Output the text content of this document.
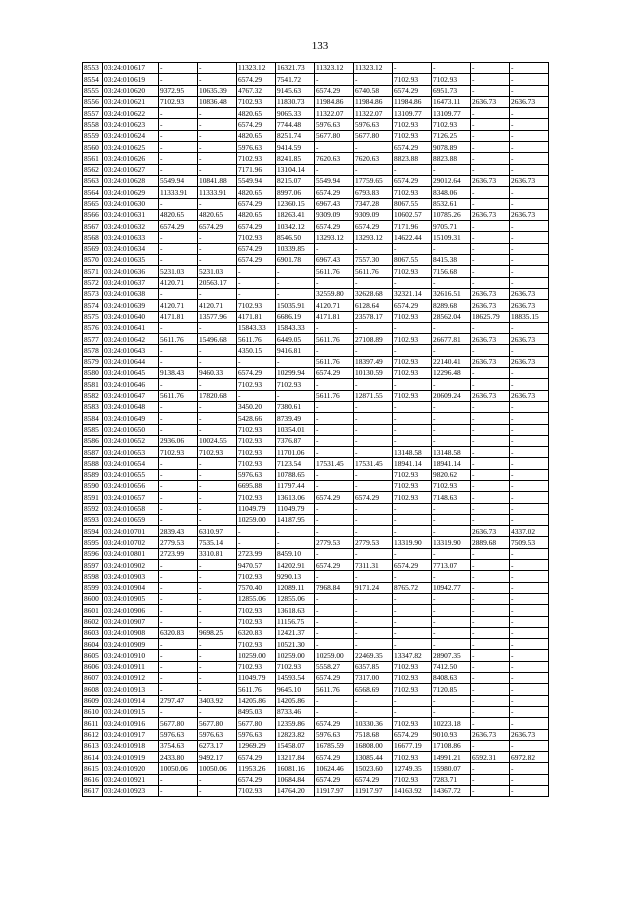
133
8553	03:24:010617	-	-	11323.12	16321.73	11323.12	11323.12	-	-	-	-
8554	03:24:010619	-	-	6574.29	7541.72	-	-	7102.93	7102.93	-	-
8555	03:24:010620	9372.95	10635.39	4767.32	9145.63	6574.29	6740.58	6574.29	6951.73	-	-
8556	03:24:010621	7102.93	10836.48	7102.93	11830.73	11984.86	11984.86	11984.86	16473.11	2636.73	2636.73
8557	03:24:010622	-	-	4820.65	9065.33	11322.07	11322.07	13109.77	13109.77	-	-
8558	03:24:010623	-	-	6574.29	7744.48	5976.63	5976.63	7102.93	7102.93	-	-
8559	03:24:010624	-	-	4820.65	8251.74	5677.80	5677.80	7102.93	7126.25	-	-
8560	03:24:010625	-	-	5976.63	9414.59	-	-	6574.29	9078.89	-	-
8561	03:24:010626	-	-	7102.93	8241.85	7620.63	7620.63	8823.88	8823.88	-	-
8562	03:24:010627	-	-	7171.96	13104.14	-	-	-	-	-	-
8563	03:24:010628	5549.94	10841.88	5549.94	8215.07	5549.94	17759.65	6574.29	29012.64	2636.73	2636.73
8564	03:24:010629	11333.91	11333.91	4820.65	8997.06	6574.29	6793.83	7102.93	8348.06	-	-
8565	03:24:010630	-	-	6574.29	12360.15	6967.43	7347.28	8067.55	8532.61	-	-
8566	03:24:010631	4820.65	4820.65	4820.65	18263.41	9309.09	9309.09	10602.57	10785.26	2636.73	2636.73
8567	03:24:010632	6574.29	6574.29	6574.29	10342.12	6574.29	6574.29	7171.96	9705.71	-	-
8568	03:24:010633	-	-	7102.93	8546.50	13293.12	13293.12	14622.44	15109.31	-	-
8569	03:24:010634	-	-	6574.29	10339.85	-	-	-	-	-	-
8570	03:24:010635	-	-	6574.29	6901.78	6967.43	7557.30	8067.55	8415.38	-	-
8571	03:24:010636	5231.03	5231.03	-	-	5611.76	5611.76	7102.93	7156.68	-	-
8572	03:24:010637	4120.71	20563.17	-	-	-	-	-	-	-	-
8573	03:24:010638	-	-	-	-	32559.80	32628.68	32321.14	32616.51	2636.73	2636.73
8574	03:24:010639	4120.71	4120.71	7102.93	15035.91	4120.71	6128.64	6574.29	8289.68	2636.73	2636.73
8575	03:24:010640	4171.81	13577.96	4171.81	6686.19	4171.81	23578.17	7102.93	28562.04	18625.79	18835.15
8576	03:24:010641	-	-	15843.33	15843.33	-	-	-	-	-	-
8577	03:24:010642	5611.76	15496.68	5611.76	6449.05	5611.76	27108.89	7102.93	26677.81	2636.73	2636.73
8578	03:24:010643	-	-	4350.15	9416.81	-	-	-	-	-	-
8579	03:24:010644	-	-	-	-	5611.76	18397.49	7102.93	22140.41	2636.73	2636.73
8580	03:24:010645	9138.43	9460.33	6574.29	10299.94	6574.29	10130.59	7102.93	12296.48	-	-
8581	03:24:010646	-	-	7102.93	7102.93	-	-	-	-	-	-
8582	03:24:010647	5611.76	17820.68	-	-	5611.76	12871.55	7102.93	20609.24	2636.73	2636.73
8583	03:24:010648	-	-	3450.20	7380.61	-	-	-	-	-	-
8584	03:24:010649	-	-	5428.66	8739.49	-	-	-	-	-	-
8585	03:24:010650	-	-	7102.93	10354.01	-	-	-	-	-	-
8586	03:24:010652	2936.06	10024.55	7102.93	7376.87	-	-	-	-	-	-
8587	03:24:010653	7102.93	7102.93	7102.93	11701.06	-	-	13148.58	13148.58	-	-
8588	03:24:010654	-	-	7102.93	7123.54	17531.45	17531.45	18941.14	18941.14	-	-
8589	03:24:010655	-	-	5976.63	10788.65	-	-	7102.93	9820.62	-	-
8590	03:24:010656	-	-	6695.88	11797.44	-	-	7102.93	7102.93	-	-
8591	03:24:010657	-	-	7102.93	13613.06	6574.29	6574.29	7102.93	7148.63	-	-
8592	03:24:010658	-	-	11049.79	11049.79	-	-	-	-	-	-
8593	03:24:010659	-	-	10259.00	14187.95	-	-	-	-	-	-
8594	03:24:010701	2839.43	6310.97	-	-	-	-	-	-	2636.73	4337.02
8595	03:24:010702	2779.53	7535.14	-	-	2779.53	2779.53	13319.90	13319.90	2889.68	7509.53
8596	03:24:010801	2723.99	3310.81	2723.99	8459.10	-	-	-	-	-	-
8597	03:24:010902	-	-	9470.57	14202.91	6574.29	7311.31	6574.29	7713.07	-	-
8598	03:24:010903	-	-	7102.93	9290.13	-	-	-	-	-	-
8599	03:24:010904	-	-	7570.40	12089.11	7968.84	9171.24	8765.72	10942.77	-	-
8600	03:24:010905	-	-	12855.06	12855.06	-	-	-	-	-	-
8601	03:24:010906	-	-	7102.93	13618.63	-	-	-	-	-	-
8602	03:24:010907	-	-	7102.93	11156.75	-	-	-	-	-	-
8603	03:24:010908	6320.83	9698.25	6320.83	12421.37	-	-	-	-	-	-
8604	03:24:010909	-	-	7102.93	10521.30	-	-	-	-	-	-
8605	03:24:010910	-	-	10259.00	10259.00	10259.00	22469.35	13347.82	28907.35	-	-
8606	03:24:010911	-	-	7102.93	7102.93	5558.27	6357.85	7102.93	7412.50	-	-
8607	03:24:010912	-	-	11049.79	14593.54	6574.29	7317.00	7102.93	8408.63	-	-
8608	03:24:010913	-	-	5611.76	9645.10	5611.76	6568.69	7102.93	7120.85	-	-
8609	03:24:010914	2797.47	3403.92	14205.86	14205.86	-	-	-	-	-	-
8610	03:24:010915	-	-	8495.03	8733.46	-	-	-	-	-	-
8611	03:24:010916	5677.80	5677.80	5677.80	12359.86	6574.29	10330.36	7102.93	10223.18	-	-
8612	03:24:010917	5976.63	5976.63	5976.63	12823.82	5976.63	7518.68	6574.29	9010.93	2636.73	2636.73
8613	03:24:010918	3754.63	6273.17	12969.29	15458.07	16785.59	16808.00	16677.19	17108.86	-	-
8614	03:24:010919	2433.80	9492.17	6574.29	13217.84	6574.29	13085.44	7102.93	14991.21	6592.31	6972.82
8615	03:24:010920	10050.06	10050.06	11953.26	16081.16	10624.46	15023.60	12749.35	15980.07	-	-
8616	03:24:010921	-	-	6574.29	10684.84	6574.29	6574.29	7102.93	7283.71	-	-
8617	03:24:010923	-	-	7102.93	14764.20	11917.97	11917.97	14163.92	14367.72	-	-
